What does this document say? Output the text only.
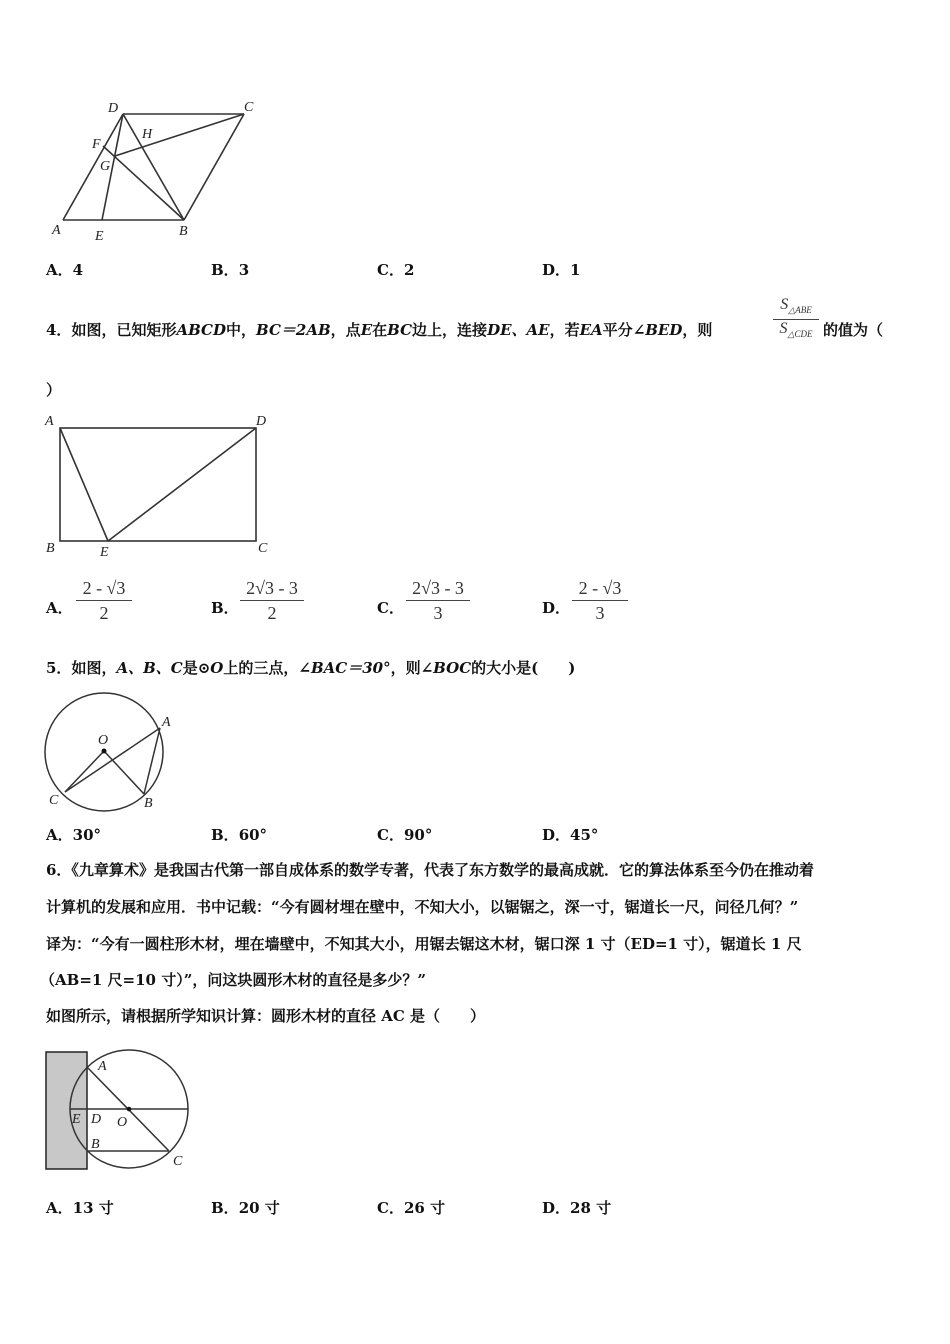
D	C
H
F
G
A E	B
A．4	B．3	C．2	D．1
4．如图，已知矩形ABCD中，BC＝2AB，点E在BC边上，连接DE、AE，若EA平分∠BED，则
$S_{\triangle ABE}$
$S_{\triangle CDE}$ 的值为（
）
A	D
B	E	C
A． $\frac{2 - √3}{2}$	B． $\frac{2√3 - 3}{2}$	C． $\frac{2√3 - 3}{3}$	D． $\frac{2 - √3}{3}$
5．如图，A、B、C是⊙O上的三点，∠BAC＝30°，则∠BOC的大小是(　　)
O
A
C	B
A．30°	B．60°	C．90°	D．45°
6．《九章算术》是我国古代第一部自成体系的数学专著，代表了东方数学的最高成就．它的算法体系至今仍在推动着
计算机的发展和应用．书中记载：“今有圆材埋在壁中，不知大小，以锯锯之，深一寸，锯道长一尺，问径几何？”
译为：“今有一圆柱形木材，埋在墙壁中，不知其大小，用锯去锯这木材，锯口深 1 寸（ED=1 寸），锯道长 1 尺
（AB=1 尺=10 寸）”，问这块圆形木材的直径是多少？”
如图所示，请根据所学知识计算：圆形木材的直径 AC 是（　　）
A
E D O
B
C
A．13 寸	B．20 寸	C．26 寸	D．28 寸
